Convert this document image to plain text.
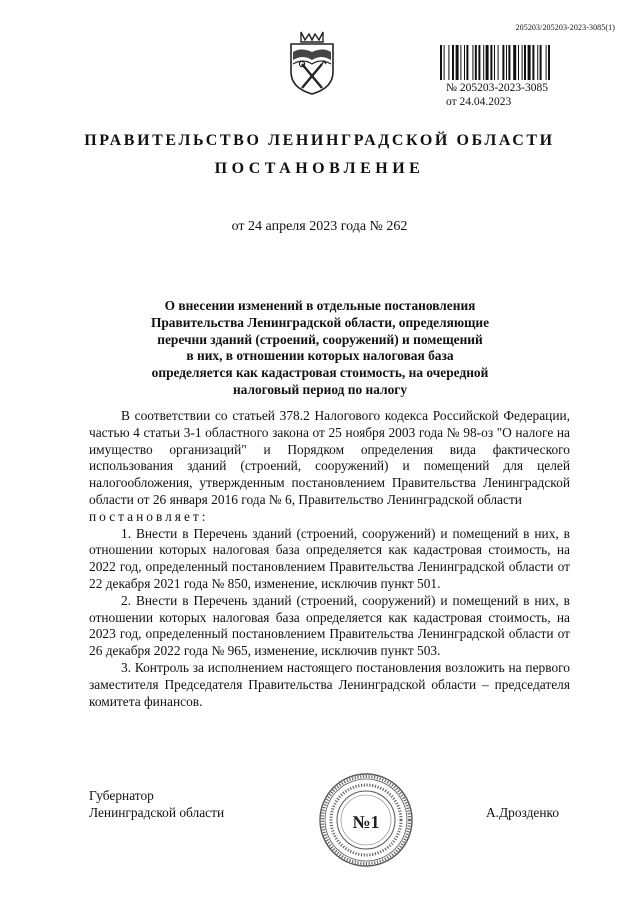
205203/205203-2023-3085(1)
№ 205203-2023-3085
от 24.04.2023
ПРАВИТЕЛЬСТВО ЛЕНИНГРАДСКОЙ ОБЛАСТИ
ПОСТАНОВЛЕНИЕ
от 24 апреля 2023 года № 262

О внесении изменений в отдельные постановления
Правительства Ленинградской области, определяющие
перечни зданий (строений, сооружений) и помещений
в них, в отношении которых налоговая база
определяется как кадастровая стоимость, на очередной
налоговый период по налогу

В соответствии со статьей 378.2 Налогового кодекса Российской Федерации, частью 4 статьи 3-1 областного закона от 25 ноября 2003 года № 98-оз "О налоге на имущество организаций" и Порядком определения вида фактического использования зданий (строений, сооружений) и помещений для целей налогообложения, утвержденным постановлением Правительства Ленинградской области от 26 января 2016 года № 6, Правительство Ленинградской области

постановляет:

1. Внести в Перечень зданий (строений, сооружений) и помещений в них, в отношении которых налоговая база определяется как кадастровая стоимость, на 2022 год, определенный постановлением Правительства Ленинградской области от 22 декабря 2021 года № 850, изменение, исключив пункт 501.

2. Внести в Перечень зданий (строений, сооружений) и помещений в них, в отношении которых налоговая база определяется как кадастровая стоимость, на 2023 год, определенный постановлением Правительства Ленинградской области от 26 декабря 2022 года № 965, изменение, исключив пункт 503.

3. Контроль за исполнением настоящего постановления возложить на первого заместителя Председателя Правительства Ленинградской области – председателя комитета финансов.

Губернатор
Ленинградской области	№1	А.Дрозденко
